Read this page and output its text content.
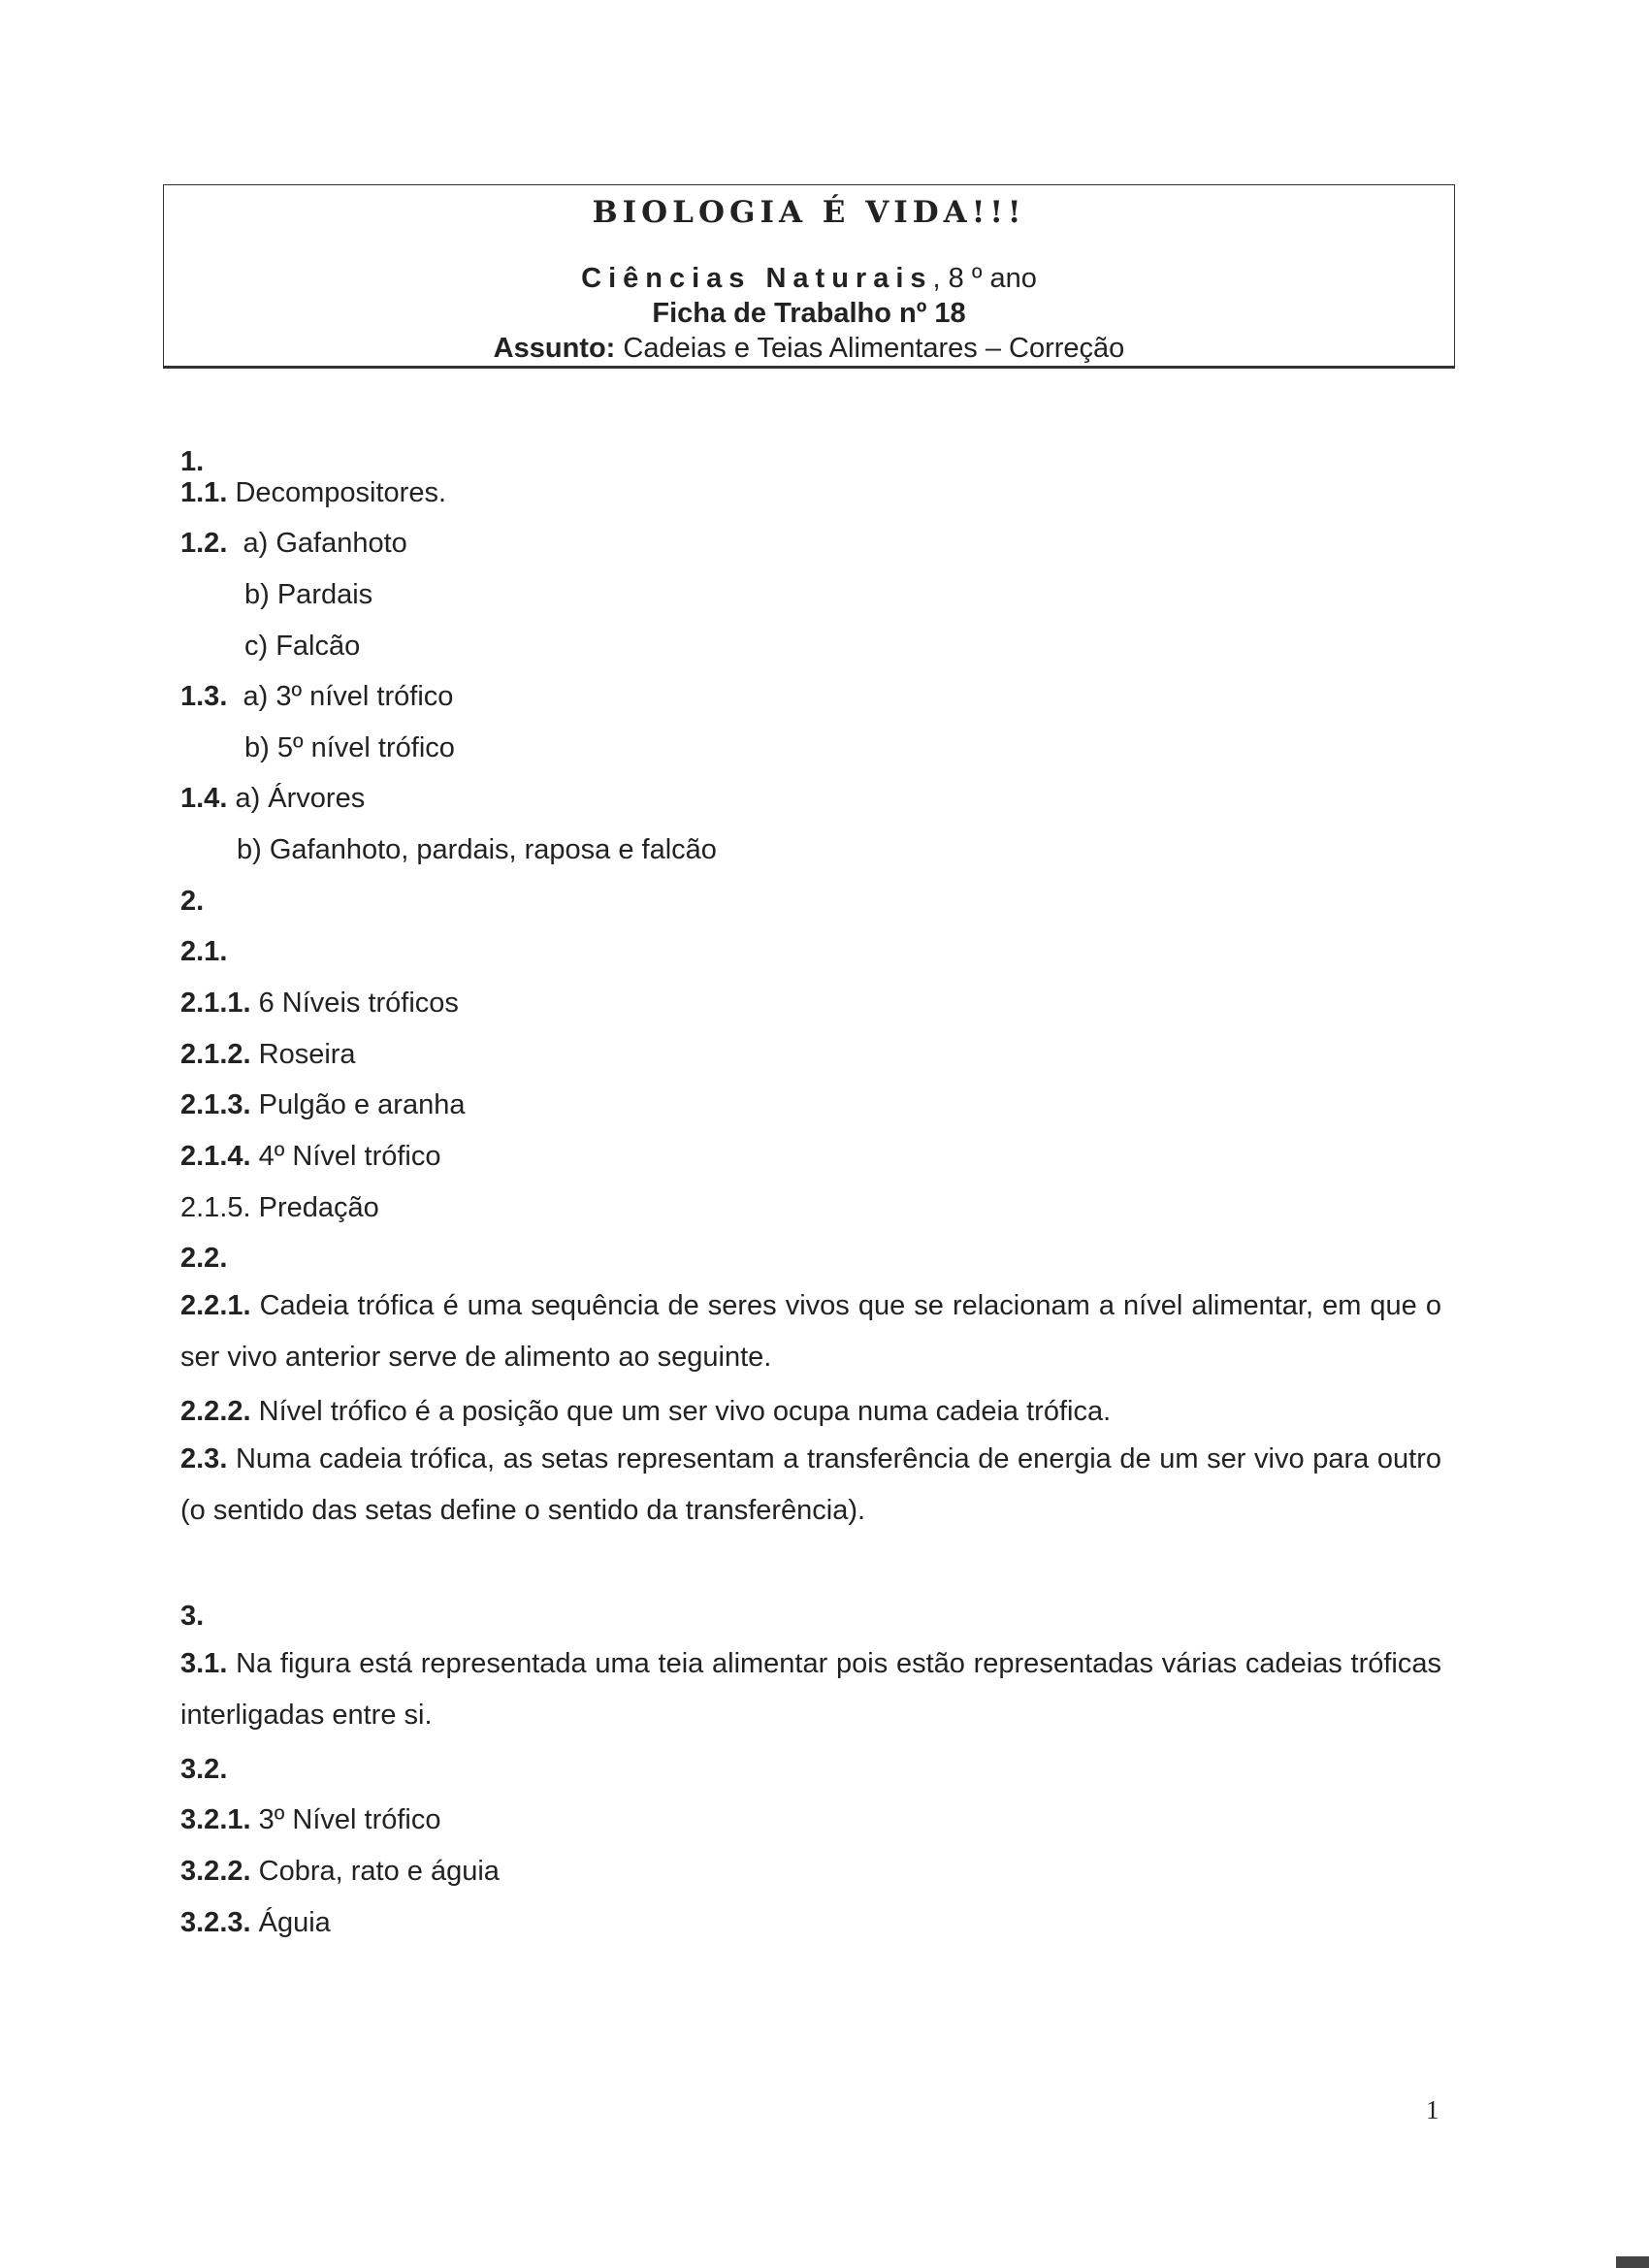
BIOLOGIA É VIDA!!!
Ciências Naturais, 8 º ano
Ficha de Trabalho nº 18
Assunto: Cadeias e Teias Alimentares – Correção
1.
1.1. Decompositores.
1.2. a) Gafanhoto
b) Pardais
c) Falcão
1.3. a) 3º nível trófico
b) 5º nível trófico
1.4. a) Árvores
b) Gafanhoto, pardais, raposa e falcão
2.
2.1.
2.1.1. 6 Níveis tróficos
2.1.2. Roseira
2.1.3. Pulgão e aranha
2.1.4. 4º Nível trófico
2.1.5. Predação
2.2.
2.2.1. Cadeia trófica é uma sequência de seres vivos que se relacionam a nível alimentar, em que o ser vivo anterior serve de alimento ao seguinte.
2.2.2. Nível trófico é a posição que um ser vivo ocupa numa cadeia trófica.
2.3. Numa cadeia trófica, as setas representam a transferência de energia de um ser vivo para outro (o sentido das setas define o sentido da transferência).
3.
3.1. Na figura está representada uma teia alimentar pois estão representadas várias cadeias tróficas interligadas entre si.
3.2.
3.2.1. 3º Nível trófico
3.2.2. Cobra, rato e águia
3.2.3. Águia
1
